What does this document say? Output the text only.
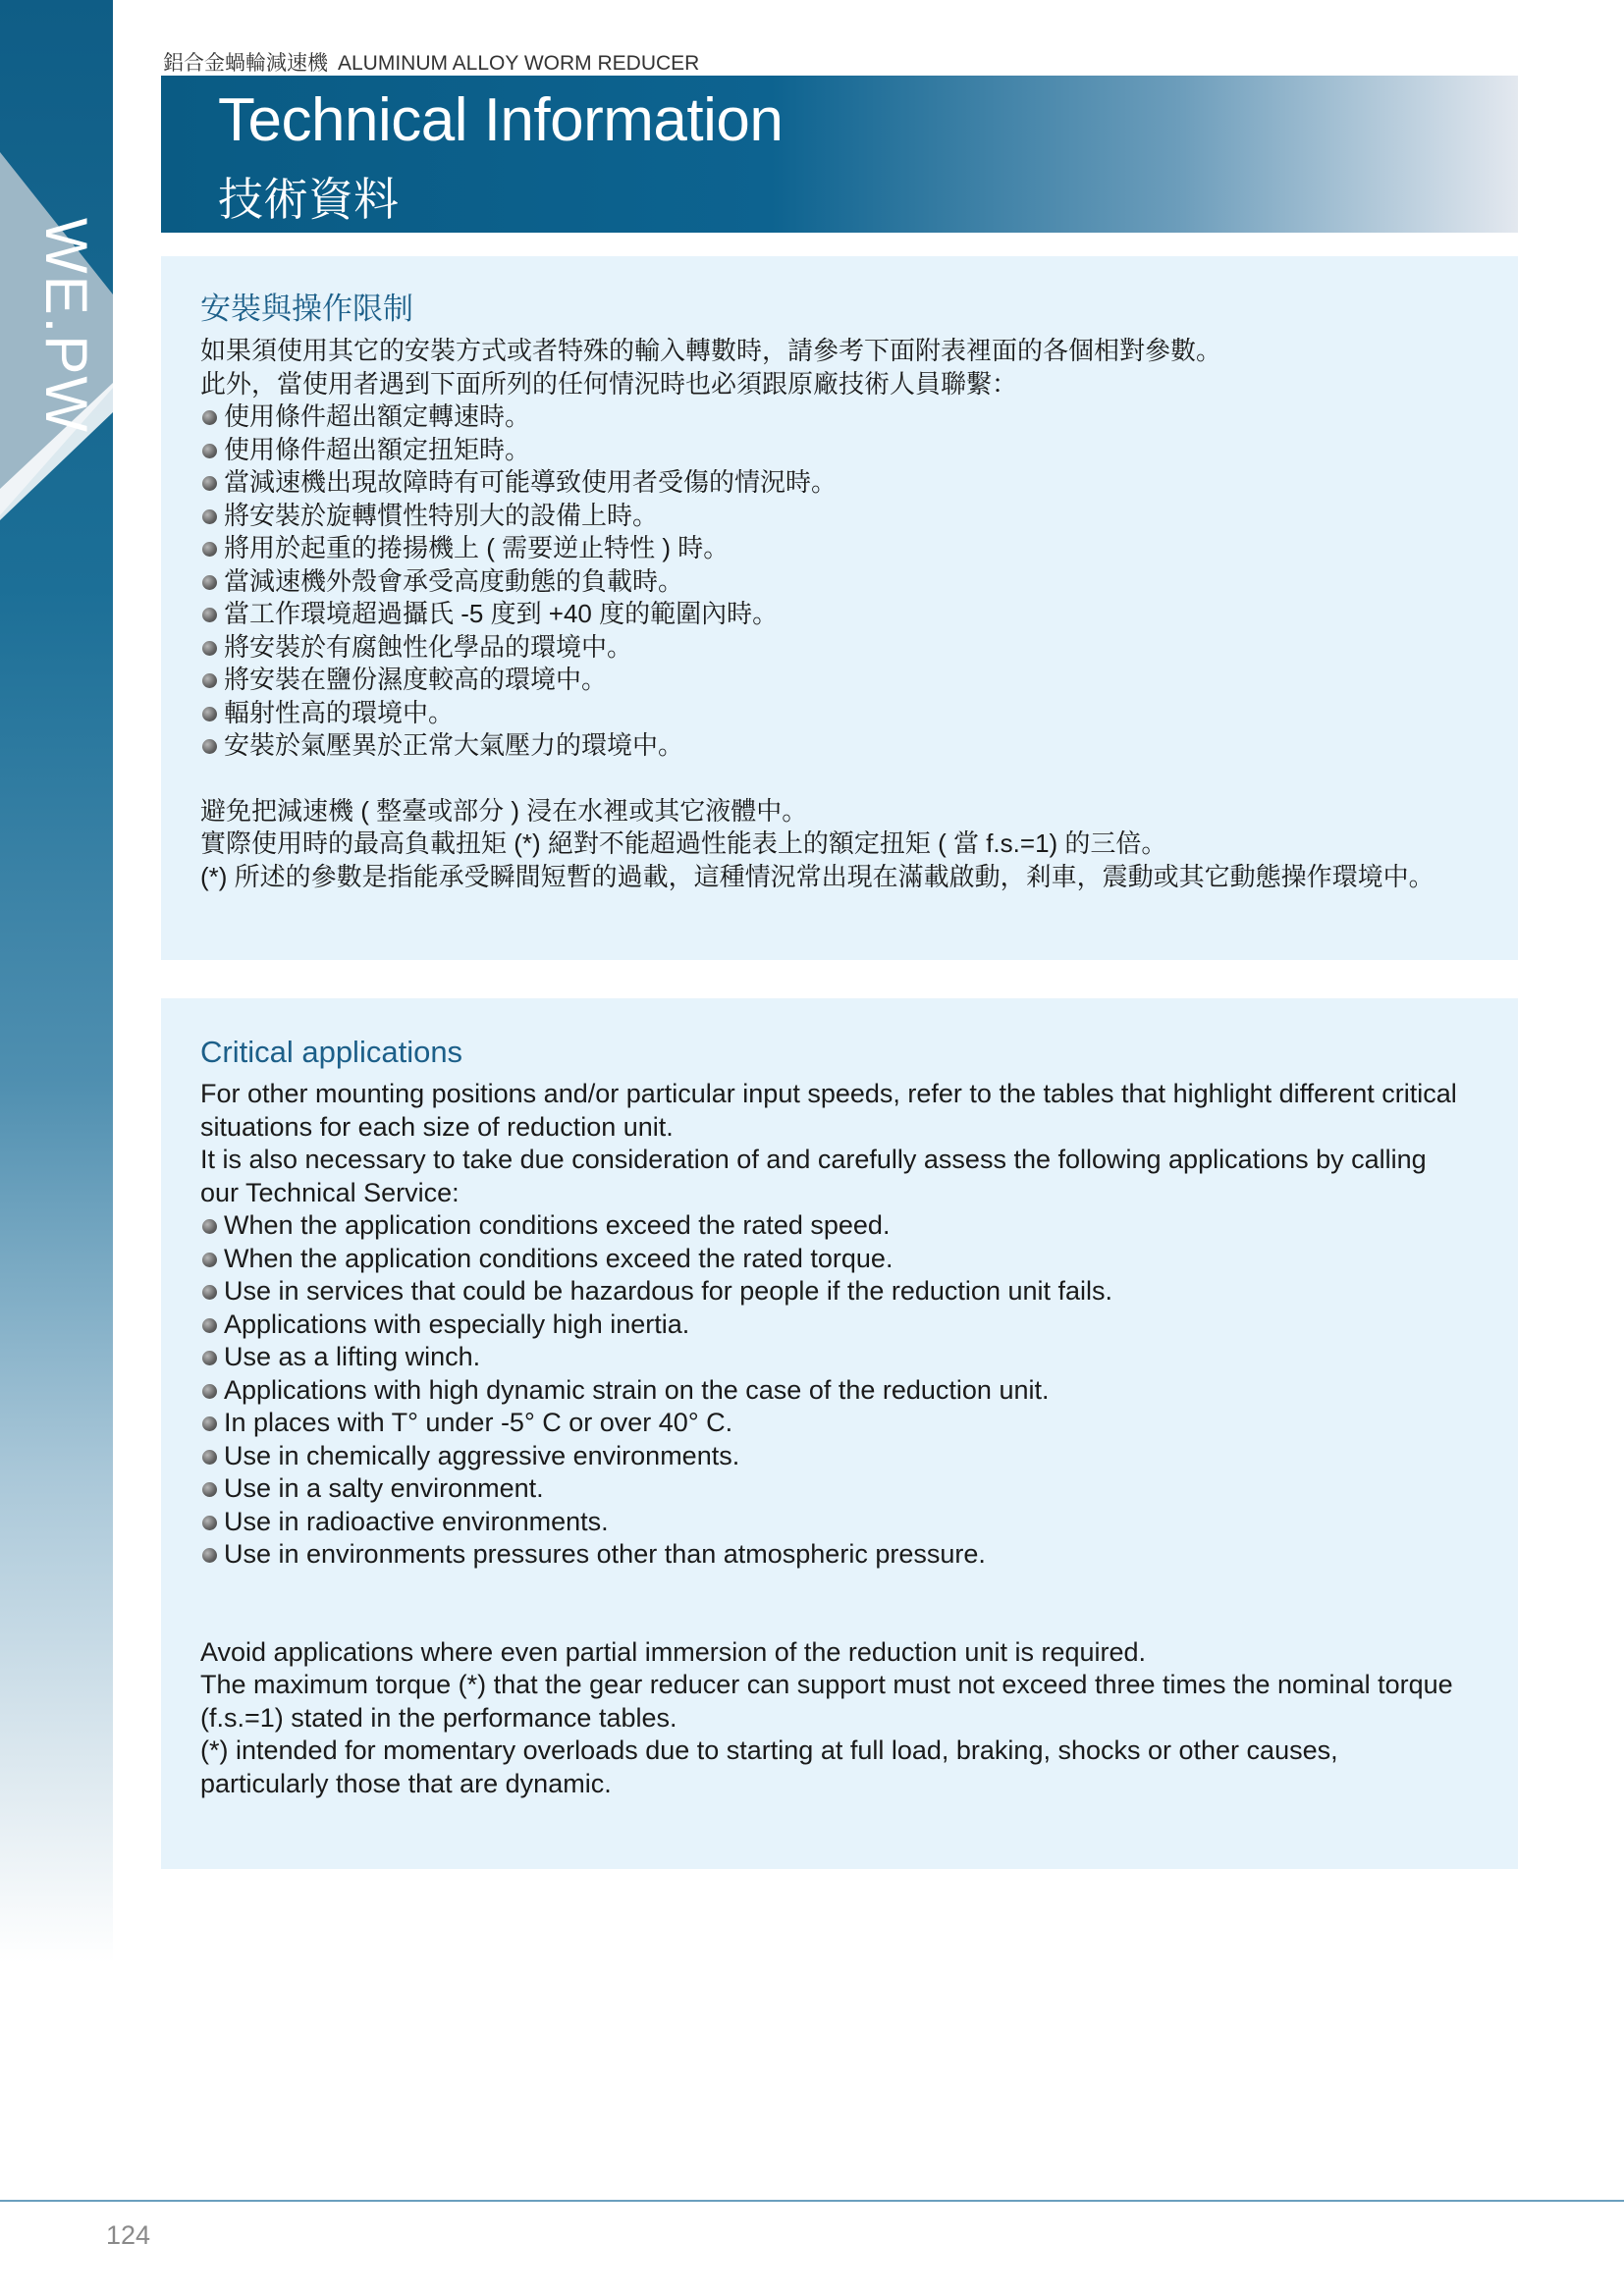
WE.PW
鋁合金蝸輪減速機 ALUMINUM ALLOY WORM REDUCER
Technical Information
技術資料
安裝與操作限制

如果須使用其它的安裝方式或者特殊的輸入轉數時，請參考下面附表裡面的各個相對參數。

此外，當使用者遇到下面所列的任何情況時也必須跟原廠技術人員聯繫：

使用條件超出額定轉速時。
使用條件超出額定扭矩時。
當減速機出現故障時有可能導致使用者受傷的情況時。
將安裝於旋轉慣性特別大的設備上時。
將用於起重的捲揚機上 ( 需要逆止特性 ) 時。
當減速機外殼會承受高度動態的負載時。
當工作環境超過攝氏 -5 度到 +40 度的範圍內時。
將安裝於有腐蝕性化學品的環境中。
將安裝在鹽份濕度較高的環境中。
輻射性高的環境中。
安裝於氣壓異於正常大氣壓力的環境中。

避免把減速機 ( 整臺或部分 ) 浸在水裡或其它液體中。

實際使用時的最高負載扭矩 (*) 絕對不能超過性能表上的額定扭矩 ( 當 f.s.=1) 的三倍。

(*) 所述的參數是指能承受瞬間短暫的過載，這種情況常出現在滿載啟動，剎車，震動或其它動態操作環境中。

Critical applications

For other mounting positions and/or particular input speeds, refer to the tables that highlight different critical situations for each size of reduction unit.

It is also necessary to take due consideration of and carefully assess the following applications by calling our Technical Service:

When the application conditions exceed the rated speed.
When the application conditions exceed the rated torque.
Use in services that could be hazardous for people if the reduction unit fails.
Applications with especially high inertia.
Use as a lifting winch.
Applications with high dynamic strain on the case of the reduction unit.
In places with T° under -5° C or over 40° C.
Use in chemically aggressive environments.
Use in a salty environment.
Use in radioactive environments.
Use in environments pressures other than atmospheric pressure.

Avoid applications where even partial immersion of the reduction unit is required.

The maximum torque (*) that the gear reducer can support must not exceed three times the nominal torque (f.s.=1) stated in the performance tables.

(*) intended for momentary overloads due to starting at full load, braking, shocks or other causes, particularly those that are dynamic.

124
